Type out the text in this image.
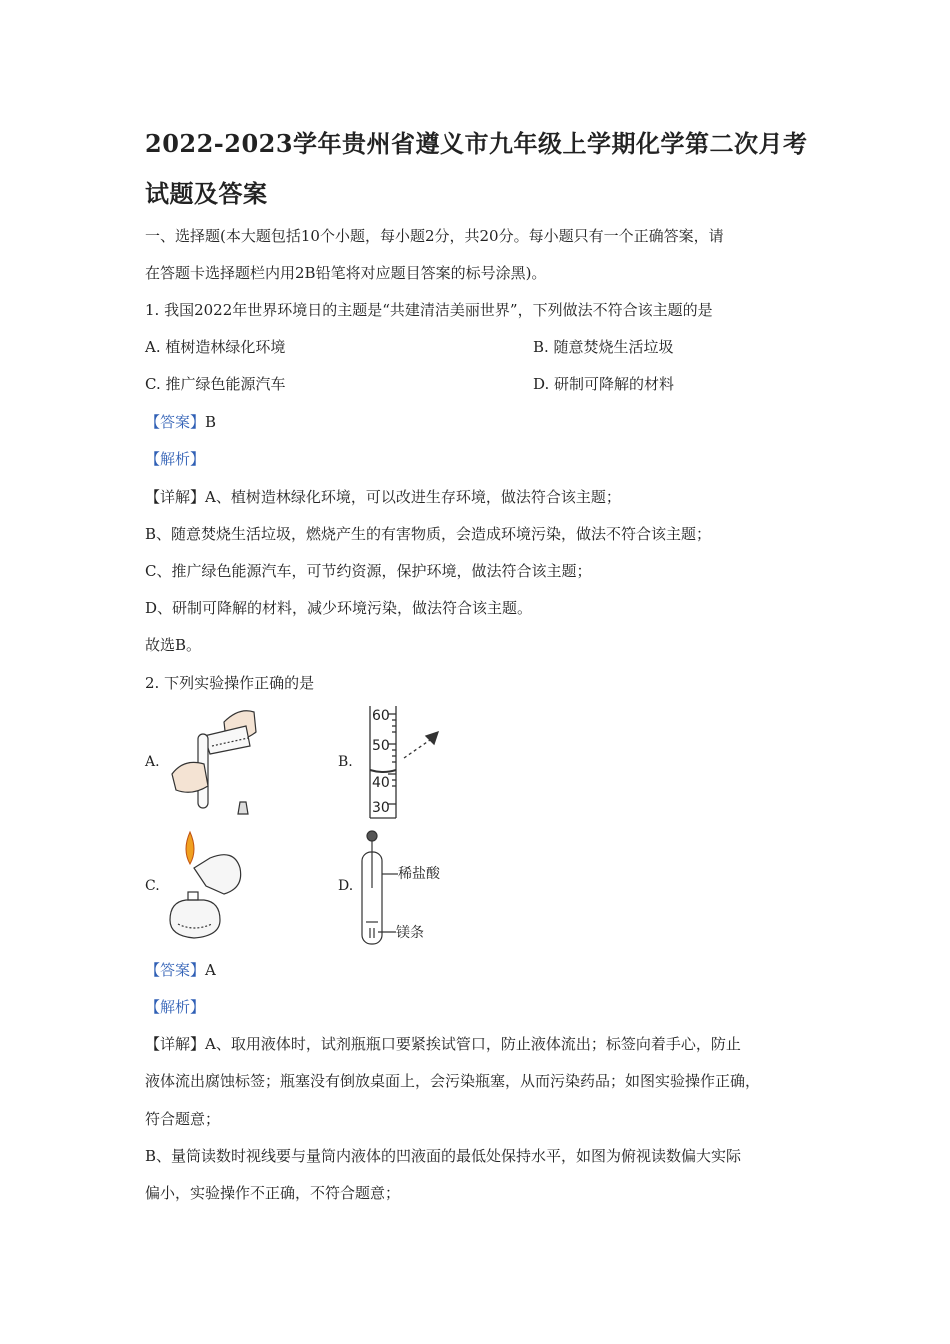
2022-2023学年贵州省遵义市九年级上学期化学第二次月考
试题及答案
一、选择题(本大题包括10个小题，每小题2分，共20分。每小题只有一个正确答案，请
在答题卡选择题栏内用2B铅笔将对应题目答案的标号涂黑)。
1. 我国2022年世界环境日的主题是“共建清洁美丽世界”，下列做法不符合该主题的是
A. 植树造林绿化环境	B. 随意焚烧生活垃圾
C. 推广绿色能源汽车	D. 研制可降解的材料
【答案】B
【解析】
【详解】A、植树造林绿化环境，可以改进生存环境，做法符合该主题；
B、随意焚烧生活垃圾，燃烧产生的有害物质，会造成环境污染，做法不符合该主题；
C、推广绿色能源汽车，可节约资源，保护环境，做法符合该主题；
D、研制可降解的材料，减少环境污染，做法符合该主题。
故选B。
2. 下列实验操作正确的是
A.	B.
C.	D.
60
50
40
30
稀盐酸
镁条
【答案】A
【解析】
【详解】A、取用液体时，试剂瓶瓶口要紧挨试管口，防止液体流出；标签向着手心，防止
液体流出腐蚀标签；瓶塞没有倒放桌面上，会污染瓶塞，从而污染药品；如图实验操作正确，
符合题意；
B、量筒读数时视线要与量筒内液体的凹液面的最低处保持水平，如图为俯视读数偏大实际
偏小，实验操作不正确，不符合题意；
